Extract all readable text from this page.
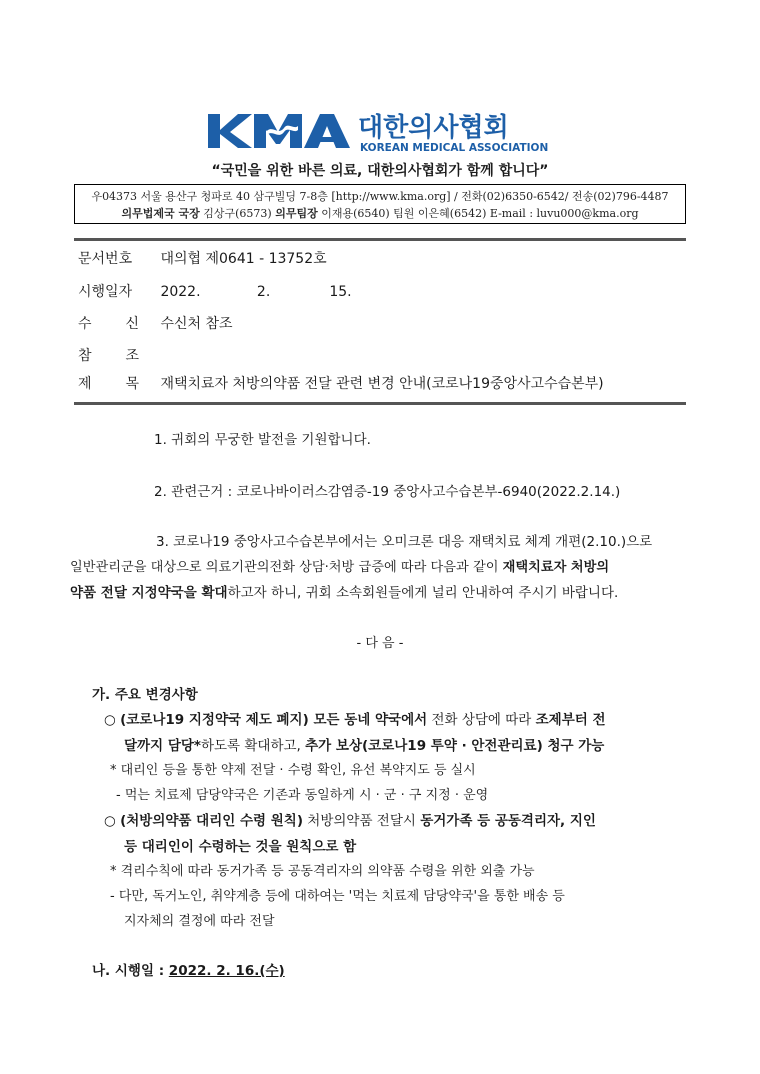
대한의사협회
KOREAN MEDICAL ASSOCIATION
“국민을 위한 바른 의료, 대한의사협회가 함께 합니다”
우04373 서울 용산구 청파로 40 삼구빌딩 7-8층 [http://www.kma.org] / 전화(02)6350-6542/ 전송(02)796-4487
의무법제국 국장 김상구(6573) 의무팀장 이재용(6540) 팀원 이은혜(6542) E-mail : luvu000@kma.org
문서번호 대의협 제0641 - 13752호
시행일자 2022.	2.	15.
수 신 수신처 참조
참 조
제 목 재택치료자 처방의약품 전달 관련 변경 안내(코로나19중앙사고수습본부)
1. 귀회의 무궁한 발전을 기원합니다.
2. 관련근거 : 코로나바이러스감염증-19 중앙사고수습본부-6940(2022.2.14.)
3. 코로나19 중앙사고수습본부에서는 오미크론 대응 재택치료 체계 개편(2.10.)으로
일반관리군을 대상으로 의료기관의전화 상담·처방 급증에 따라 다음과 같이 재택치료자 처방의
약품 전달 지정약국을 확대하고자 하니, 귀회 소속회원들에게 널리 안내하여 주시기 바랍니다.
- 다 음 -
가. 주요 변경사항
○ (코로나19 지정약국 제도 폐지) 모든 동네 약국에서 전화 상담에 따라 조제부터 전
달까지 담당*하도록 확대하고, 추가 보상(코로나19 투약 · 안전관리료) 청구 가능
* 대리인 등을 통한 약제 전달 · 수령 확인, 유선 복약지도 등 실시
- 먹는 치료제 담당약국은 기존과 동일하게 시 · 군 · 구 지정 · 운영
○ (처방의약품 대리인 수령 원칙) 처방의약품 전달시 동거가족 등 공동격리자, 지인
등 대리인이 수령하는 것을 원칙으로 함
* 격리수칙에 따라 동거가족 등 공동격리자의 의약품 수령을 위한 외출 가능
- 다만, 독거노인, 취약계층 등에 대하여는 '먹는 치료제 담당약국'을 통한 배송 등
지자체의 결정에 따라 전달
나. 시행일 : 2022. 2. 16.(수)
